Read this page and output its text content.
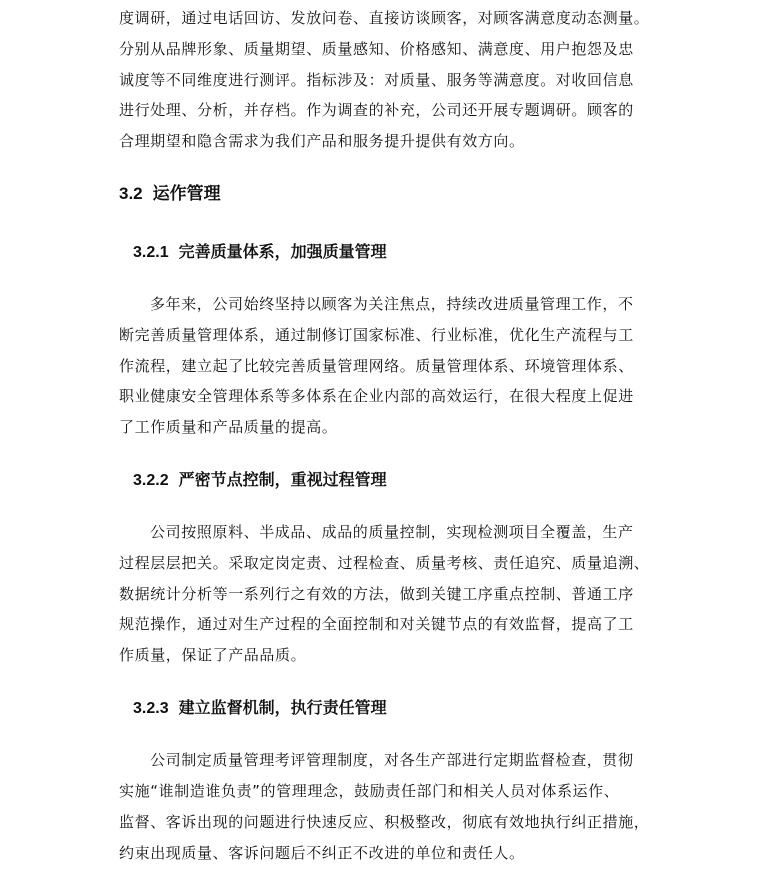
度调研，通过电话回访、发放问卷、直接访谈顾客，对顾客满意度动态测量。
分别从品牌形象、质量期望、质量感知、价格感知、满意度、用户抱怨及忠
诚度等不同维度进行测评。指标涉及：对质量、服务等满意度。对收回信息
进行处理、分析，并存档。作为调查的补充，公司还开展专题调研。顾客的
合理期望和隐含需求为我们产品和服务提升提供有效方向。
3.2 运作管理
3.2.1 完善质量体系，加强质量管理
多年来，公司始终坚持以顾客为关注焦点，持续改进质量管理工作，不
断完善质量管理体系，通过制修订国家标准、行业标准，优化生产流程与工
作流程，建立起了比较完善质量管理网络。质量管理体系、环境管理体系、
职业健康安全管理体系等多体系在企业内部的高效运行，在很大程度上促进
了工作质量和产品质量的提高。
3.2.2 严密节点控制，重视过程管理
公司按照原料、半成品、成品的质量控制，实现检测项目全覆盖，生产
过程层层把关。采取定岗定责、过程检查、质量考核、责任追究、质量追溯、
数据统计分析等一系列行之有效的方法，做到关键工序重点控制、普通工序
规范操作，通过对生产过程的全面控制和对关键节点的有效监督，提高了工
作质量，保证了产品品质。
3.2.3 建立监督机制，执行责任管理
公司制定质量管理考评管理制度，对各生产部进行定期监督检查，贯彻
实施“谁制造谁负责”的管理理念，鼓励责任部门和相关人员对体系运作、
监督、客诉出现的问题进行快速反应、积极整改，彻底有效地执行纠正措施，
约束出现质量、客诉问题后不纠正不改进的单位和责任人。
